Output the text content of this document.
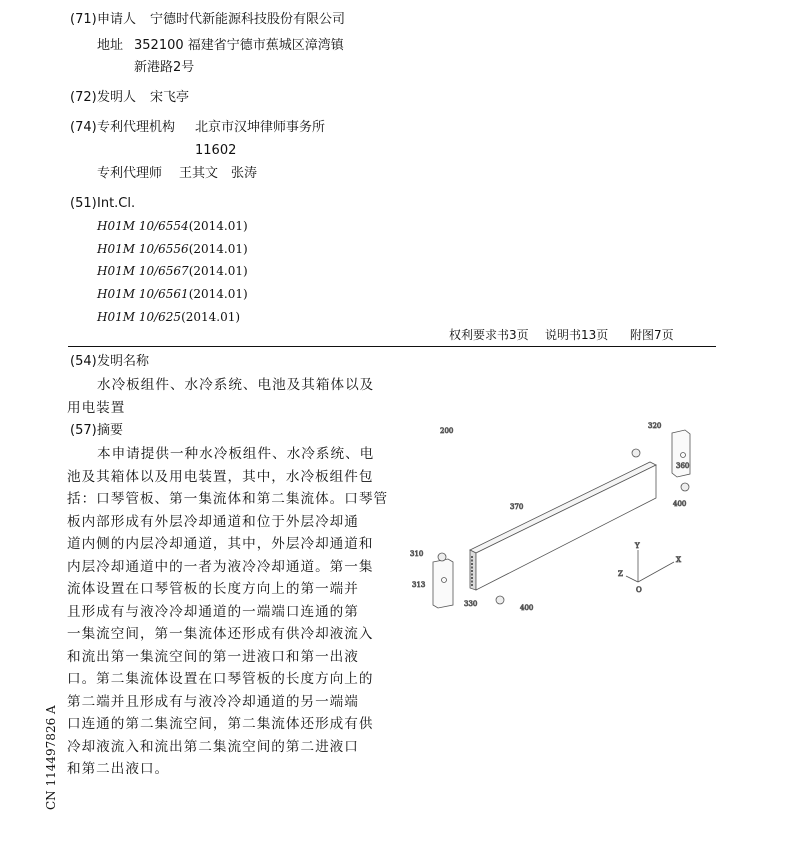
(71) 申请人 宁德时代新能源科技股份有限公司
地址 352100 福建省宁德市蕉城区漳湾镇
新港路2号
(72) 发明人 宋飞亭
(74) 专利代理机构 北京市汉坤律师事务所
11602
专利代理师 王其文　张涛
(51) Int.Cl.
H01M 10/6554(2014.01)
H01M 10/6556(2014.01)
H01M 10/6567(2014.01)
H01M 10/6561(2014.01)
H01M 10/625(2014.01)
权利要求书3页 说明书13页 附图7页
(54) 发明名称
水冷板组件、水冷系统、电池及其箱体以及
用电装置
(57) 摘要
本申请提供一种水冷板组件、水冷系统、电
池及其箱体以及用电装置，其中，水冷板组件包
括：口琴管板、第一集流体和第二集流体。口琴管
板内部形成有外层冷却通道和位于外层冷却通
道内侧的内层冷却通道，其中，外层冷却通道和
内层冷却通道中的一者为液冷冷却通道。第一集
流体设置在口琴管板的长度方向上的第一端并
且形成有与液冷冷却通道的一端端口连通的第
一集流空间，第一集流体还形成有供冷却液流入
和流出第一集流空间的第一进液口和第一出液
口。第二集流体设置在口琴管板的长度方向上的
第二端并且形成有与液冷冷却通道的另一端端
口连通的第二集流空间，第二集流体还形成有供
冷却液流入和流出第二集流空间的第二进液口
和第二出液口。
200
Y
X
Z
O
370
310
313
330
320
360
400
400
CN 114497826 A
